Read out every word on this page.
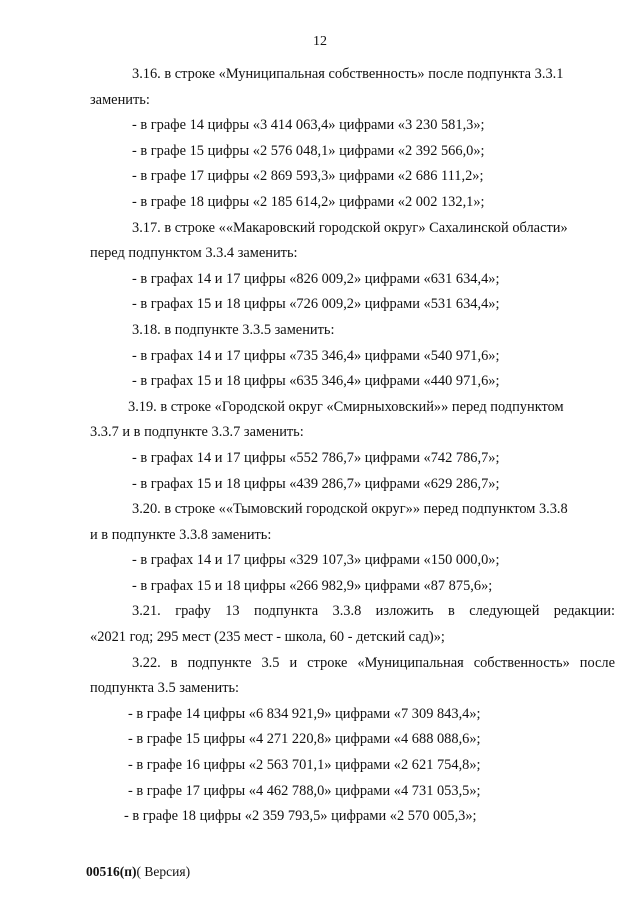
12
3.16. в строке «Муниципальная собственность» после подпункта 3.3.1
заменить:
- в графе 14 цифры «3 414 063,4» цифрами «3 230 581,3»;
- в графе 15 цифры «2 576 048,1» цифрами «2 392 566,0»;
- в графе 17 цифры «2 869 593,3» цифрами «2 686 111,2»;
- в графе 18 цифры «2 185 614,2» цифрами «2 002 132,1»;
3.17. в строке ««Макаровский городской округ» Сахалинской области»
перед подпунктом 3.3.4 заменить:
- в графах 14 и 17 цифры «826 009,2» цифрами «631 634,4»;
- в графах 15 и 18 цифры «726 009,2» цифрами «531 634,4»;
3.18. в подпункте 3.3.5 заменить:
- в графах 14 и 17 цифры «735 346,4» цифрами «540 971,6»;
- в графах 15 и 18 цифры «635 346,4» цифрами «440 971,6»;
3.19. в строке «Городской округ «Смирныховский»» перед подпунктом
3.3.7 и в подпункте 3.3.7 заменить:
- в графах 14 и 17 цифры «552 786,7» цифрами «742 786,7»;
- в графах 15 и 18 цифры «439 286,7» цифрами «629 286,7»;
3.20. в строке ««Тымовский городской округ»» перед подпунктом 3.3.8
и в подпункте 3.3.8 заменить:
- в графах 14 и 17 цифры «329 107,3» цифрами «150 000,0»;
- в графах 15 и 18 цифры «266 982,9» цифрами «87 875,6»;
3.21. графу 13 подпункта 3.3.8 изложить в следующей редакции:
«2021 год; 295 мест (235 мест - школа, 60 - детский сад)»;
3.22. в подпункте 3.5 и строке «Муниципальная собственность» после
подпункта 3.5 заменить:
- в графе 14 цифры «6 834 921,9» цифрами «7 309 843,4»;
- в графе 15 цифры «4 271 220,8» цифрами «4 688 088,6»;
- в графе 16 цифры «2 563 701,1» цифрами «2 621 754,8»;
- в графе 17 цифры «4 462 788,0» цифрами «4 731 053,5»;
- в графе 18 цифры «2 359 793,5» цифрами «2 570 005,3»;
00516(п)( Версия)
